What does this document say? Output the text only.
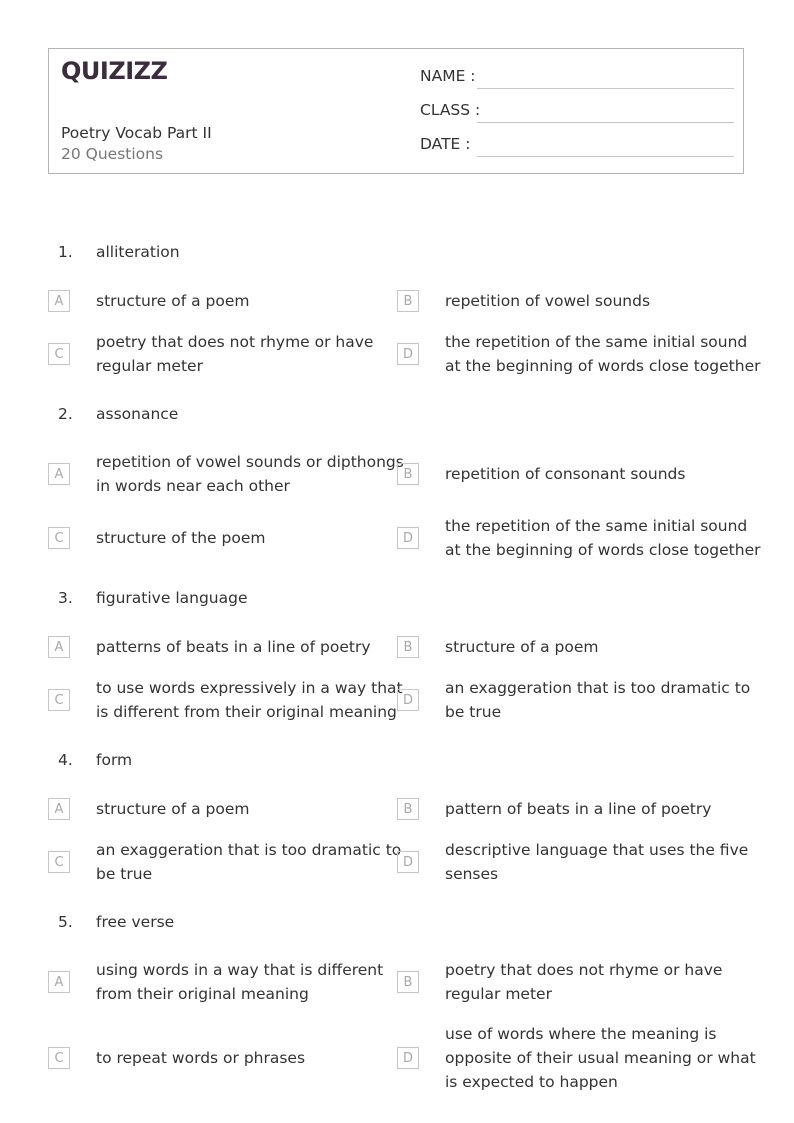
QUIZIZZ
Poetry Vocab Part II
20 Questions
NAME :
CLASS :
DATE :
1.	alliteration
A	structure of a poem	B	repetition of vowel sounds
C
poetry that does not rhyme or have
regular meter
D
the repetition of the same initial sound
at the beginning of words close together
2.	assonance
A
repetition of vowel sounds or dipthongs
in words near each other
B	repetition of consonant sounds
C	structure of the poem	D
the repetition of the same initial sound
at the beginning of words close together
3.	figurative language
A	patterns of beats in a line of poetry	B	structure of a poem
C
to use words expressively in a way that
is different from their original meaning
D
an exaggeration that is too dramatic to
be true
4.	form
A	structure of a poem	B	pattern of beats in a line of poetry
C
an exaggeration that is too dramatic to
be true
D
descriptive language that uses the five
senses
5.	free verse
A
using words in a way that is different
from their original meaning
B
poetry that does not rhyme or have
regular meter
C	to repeat words or phrases	D
use of words where the meaning is
opposite of their usual meaning or what
is expected to happen
